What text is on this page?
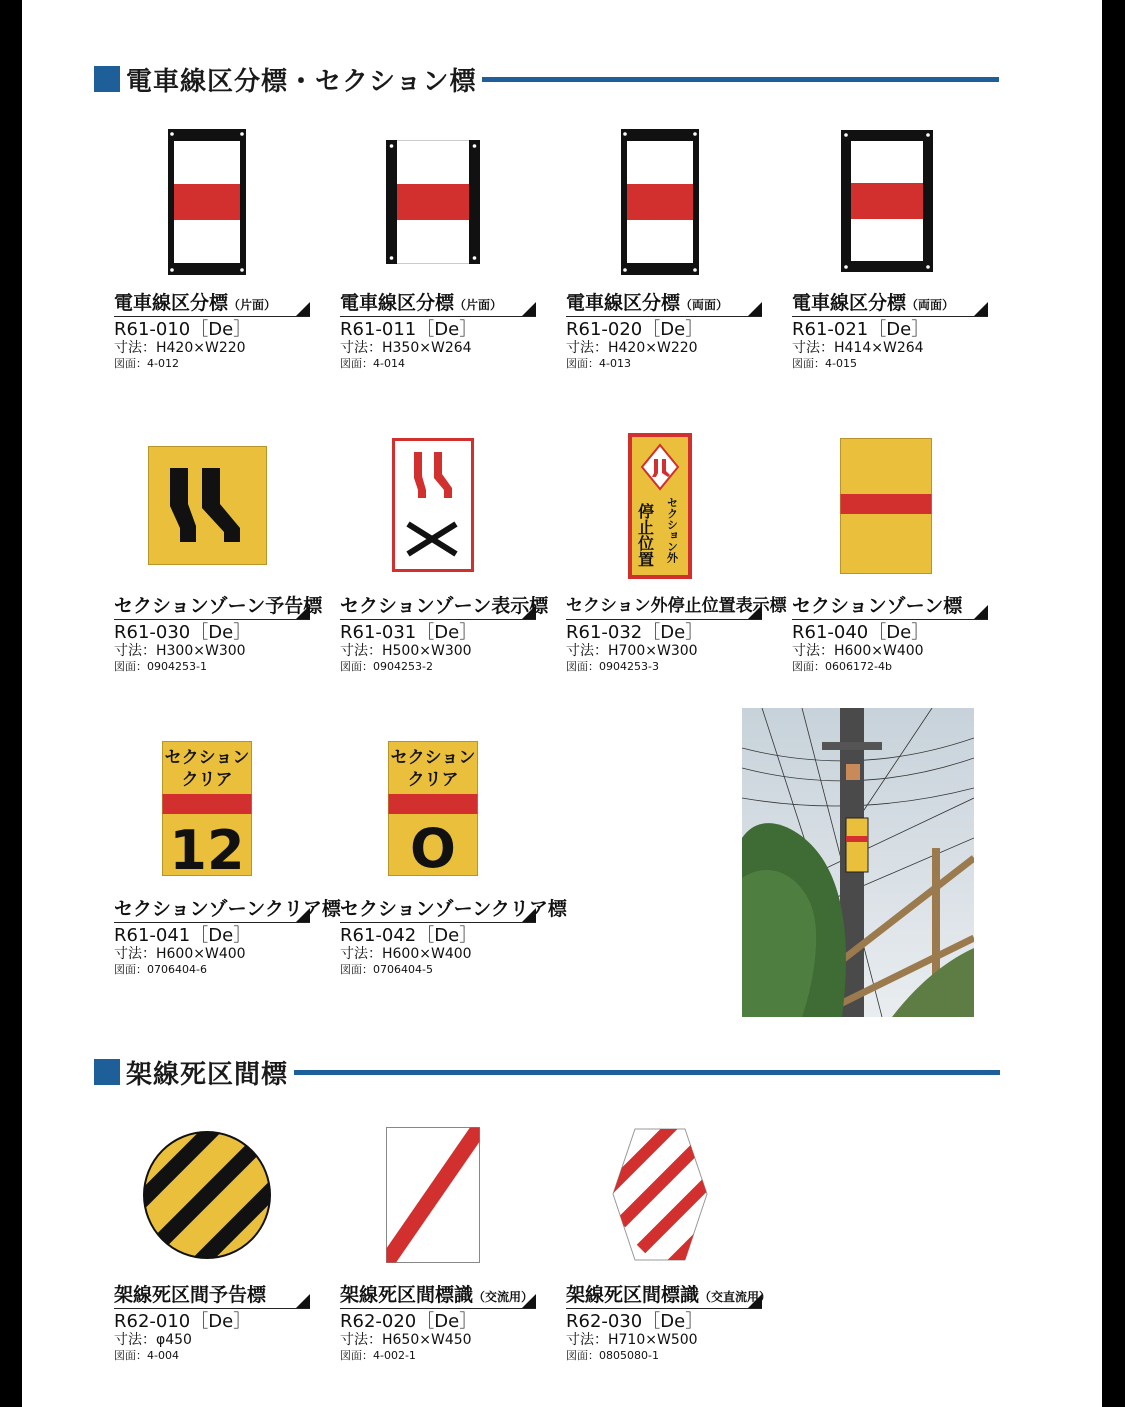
電車線区分標・セクション標
電車線区分標（片面）
R61-010［De］
寸法：H420×W220
図面：4-012
電車線区分標（片面）
R61-011［De］
寸法：H350×W264
図面：4-014
電車線区分標（両面）
R61-020［De］
寸法：H420×W220
図面：4-013
電車線区分標（両面）
R61-021［De］
寸法：H414×W264
図面：4-015
停止位置 セクション外
セクションゾーン予告標
R61-030［De］
寸法：H300×W300
図面：0904253-1
セクションゾーン表示標
R61-031［De］
寸法：H500×W300
図面：0904253-2
セクション外停止位置表示標
R61-032［De］
寸法：H700×W300
図面：0904253-3
セクションゾーン標
R61-040［De］
寸法：H600×W400
図面：0606172-4b
セクション
クリア
12
セクション
クリア
O
セクションゾーンクリア標
R61-041［De］
寸法：H600×W400
図面：0706404-6
セクションゾーンクリア標
R61-042［De］
寸法：H600×W400
図面：0706404-5
架線死区間標
架線死区間予告標
R62-010［De］
寸法：φ450
図面：4-004
架線死区間標識（交流用）
R62-020［De］
寸法：H650×W450
図面：4-002-1
架線死区間標識（交直流用）
R62-030［De］
寸法：H710×W500
図面：0805080-1
